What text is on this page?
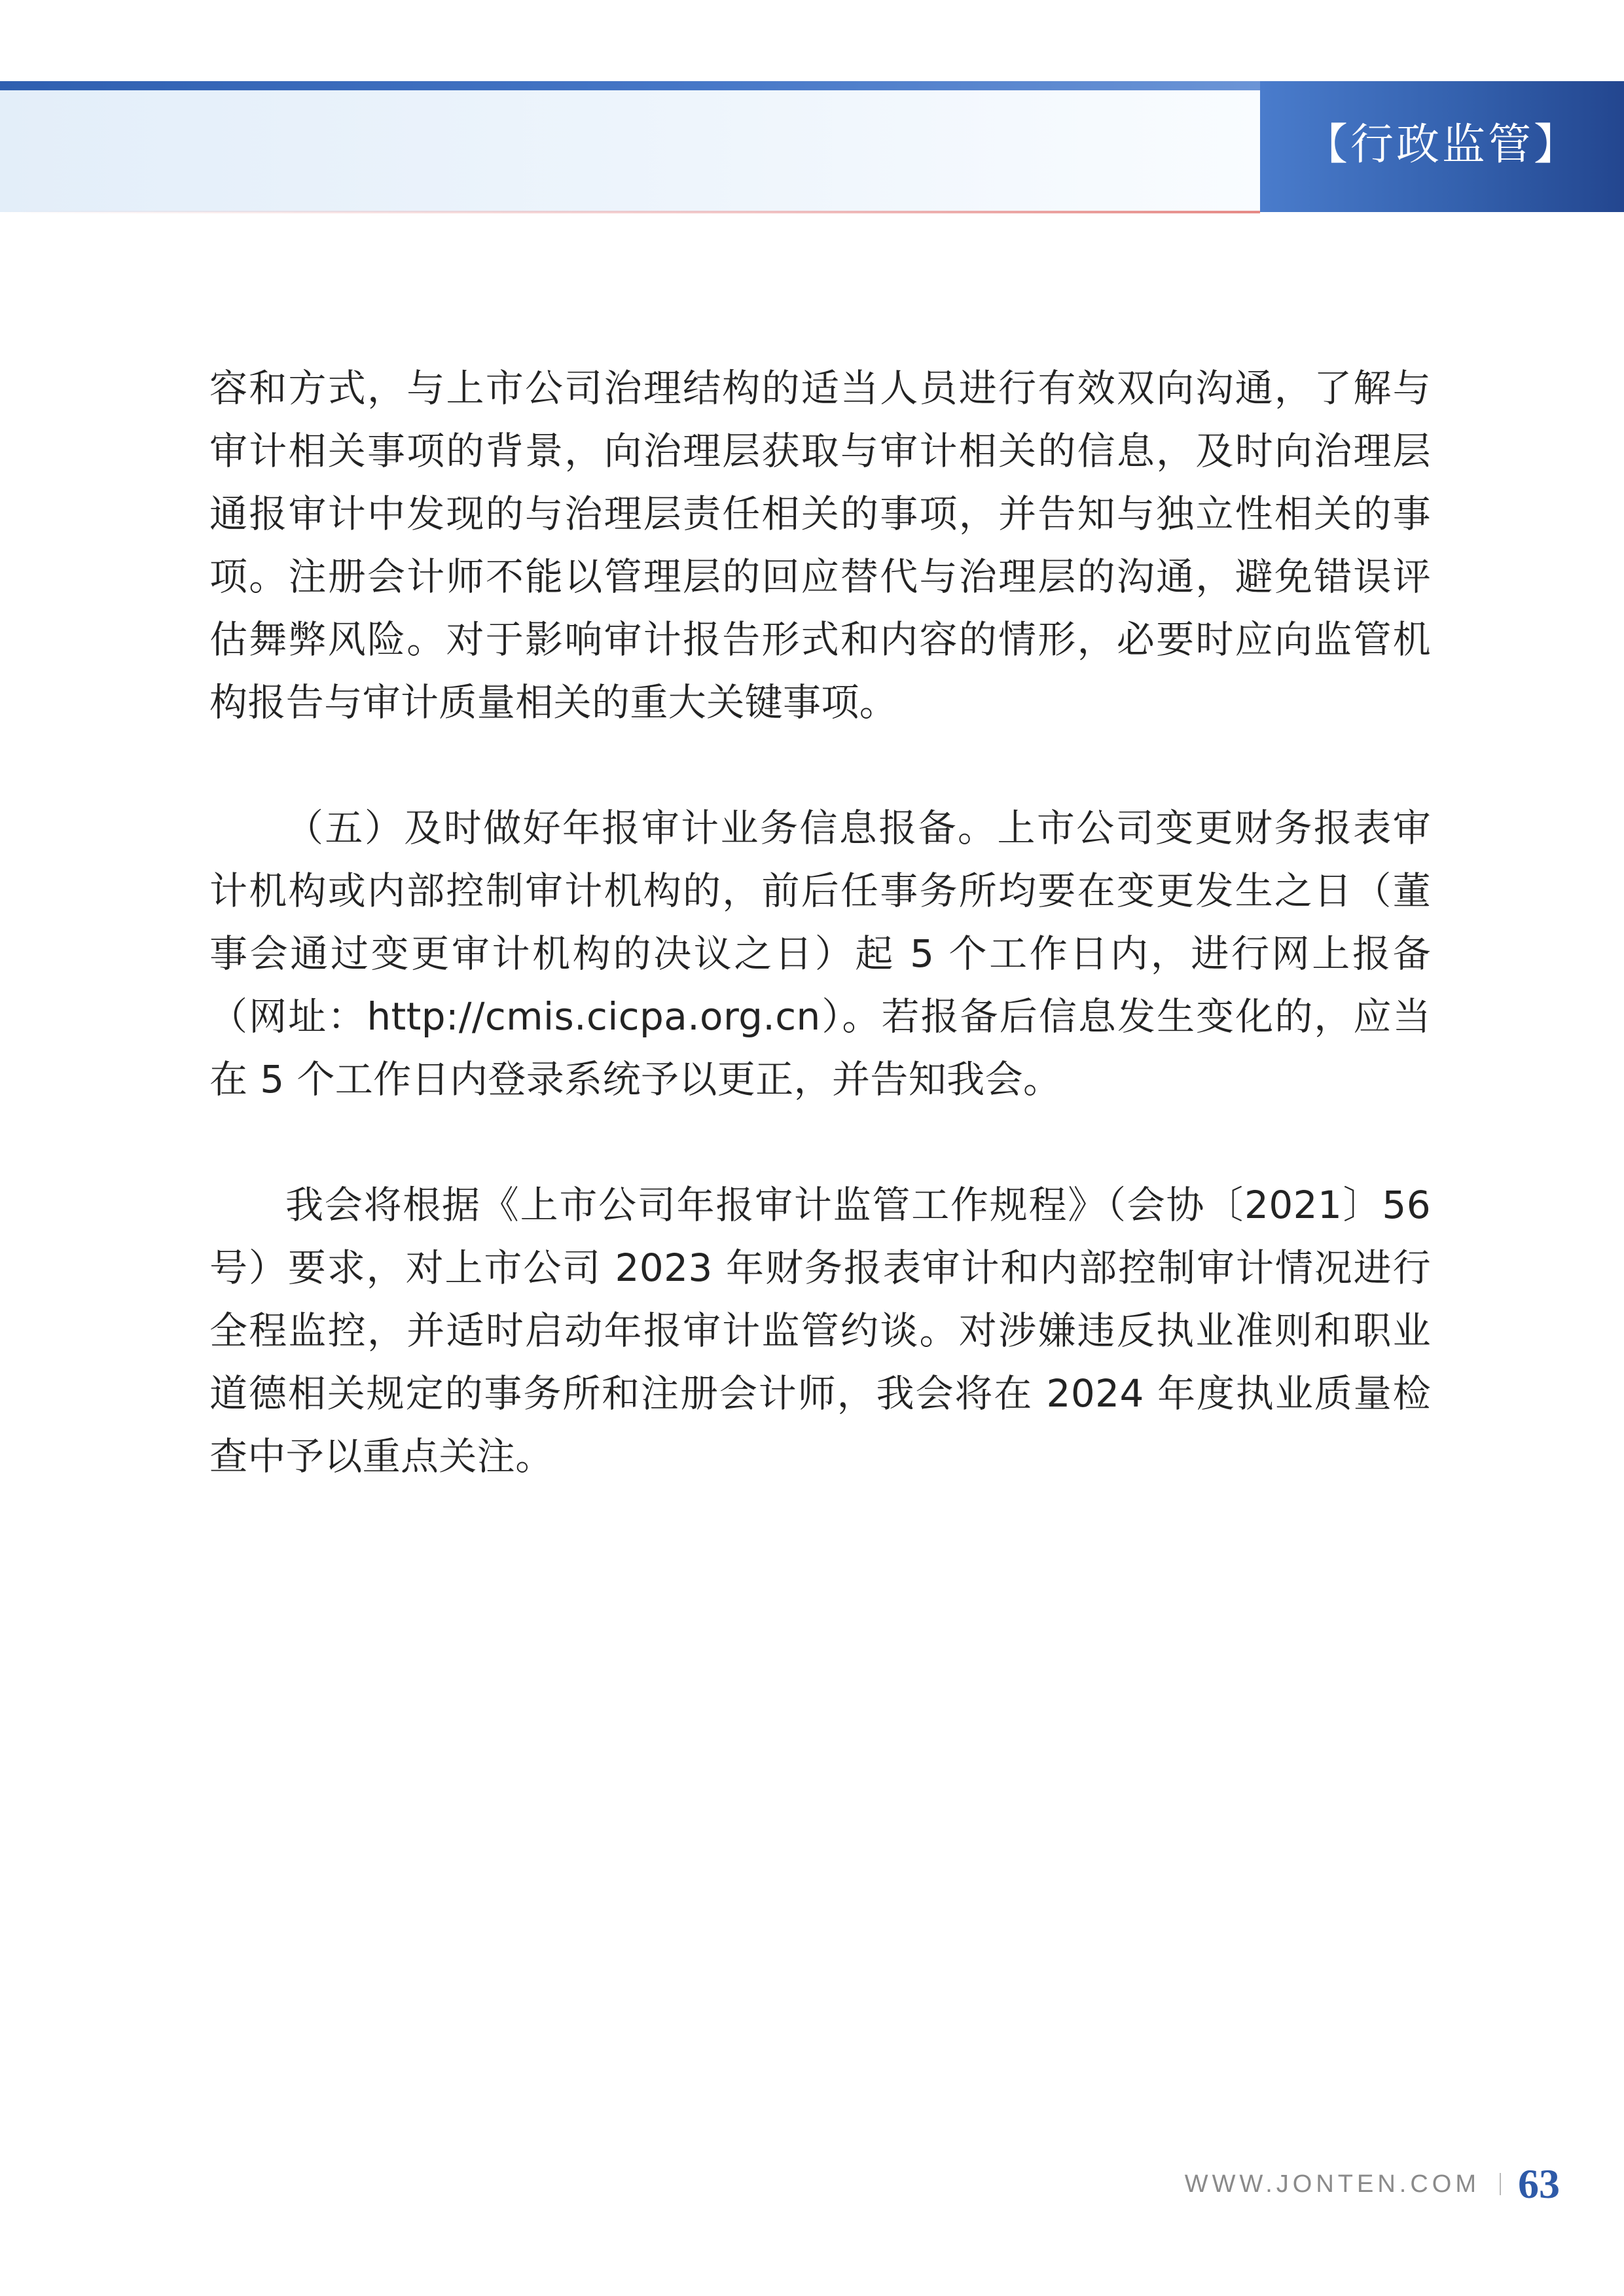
【行政监管】

容和方式，与上市公司治理结构的适当人员进行有效双向沟通，了解与审计相关事项的背景，向治理层获取与审计相关的信息，及时向治理层通报审计中发现的与治理层责任相关的事项，并告知与独立性相关的事项。注册会计师不能以管理层的回应替代与治理层的沟通，避免错误评估舞弊风险。对于影响审计报告形式和内容的情形，必要时应向监管机构报告与审计质量相关的重大关键事项。

（五）及时做好年报审计业务信息报备。上市公司变更财务报表审计机构或内部控制审计机构的，前后任事务所均要在变更发生之日（董事会通过变更审计机构的决议之日）起 5 个工作日内，进行网上报备（网址：http://cmis.cicpa.org.cn）。若报备后信息发生变化的，应当在 5 个工作日内登录系统予以更正，并告知我会。

我会将根据《上市公司年报审计监管工作规程》（会协〔2021〕56 号）要求，对上市公司 2023 年财务报表审计和内部控制审计情况进行全程监控，并适时启动年报审计监管约谈。对涉嫌违反执业准则和职业道德相关规定的事务所和注册会计师，我会将在 2024 年度执业质量检查中予以重点关注。

WWW.JONTEN.COM 63
